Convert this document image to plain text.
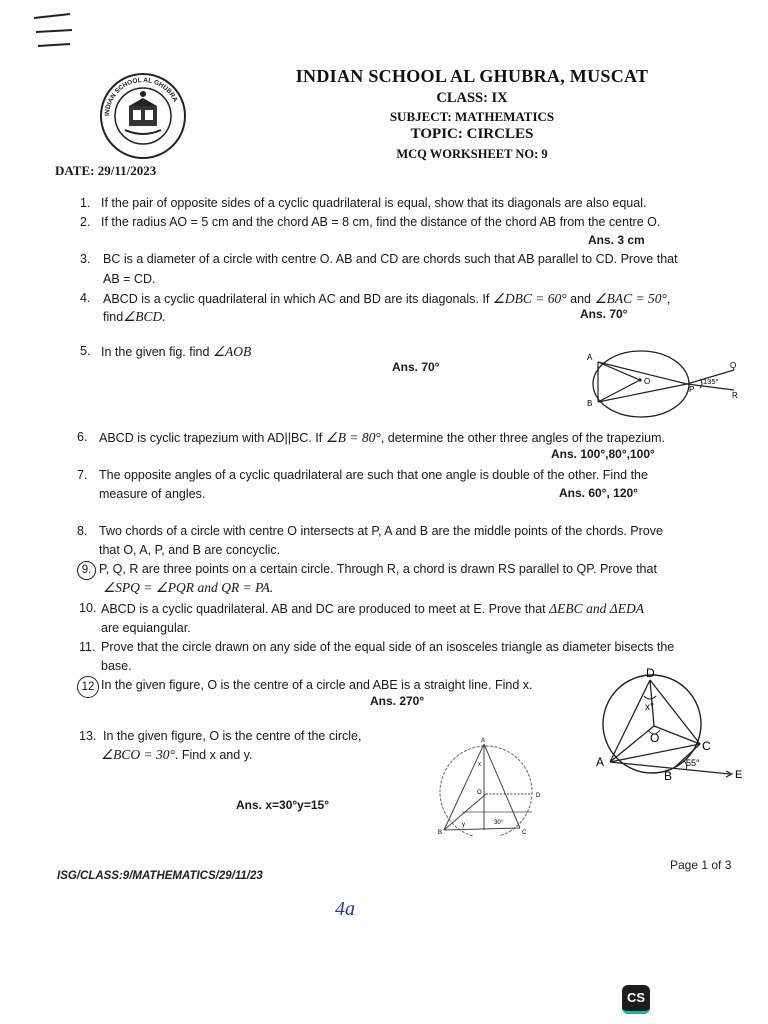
INDIAN SCHOOL AL GHUBRA
INDIAN SCHOOL AL GHUBRA, MUSCAT
CLASS: IX
SUBJECT: MATHEMATICS
TOPIC: CIRCLES
MCQ WORKSHEET NO: 9
DATE: 29/11/2023
1. If the pair of opposite sides of a cyclic quadrilateral is equal, show that its diagonals are also equal.
2. If the radius AO = 5 cm and the chord AB = 8 cm, find the distance of the chord AB from the centre O.
Ans. 3 cm
3. BC is a diameter of a circle with centre O. AB and CD are chords such that AB parallel to CD. Prove that
AB = CD.
4. ABCD is a cyclic quadrilateral in which AC and BD are its diagonals. If ∠DBC = 60° and ∠BAC = 50°,
find∠BCD.	Ans. 70°
5. In the given fig. find ∠AOB
Ans. 70°
A
B
O
P
Q
R
135°
6. ABCD is cyclic trapezium with AD||BC. If ∠B = 80°, determine the other three angles of the trapezium.
Ans. 100°,80°,100°
7. The opposite angles of a cyclic quadrilateral are such that one angle is double of the other. Find the
measure of angles.	Ans. 60°, 120°
8. Two chords of a circle with centre O intersects at P, A and B are the middle points of the chords. Prove
that O, A, P, and B are concyclic.
9. P, Q, R are three points on a certain circle. Through R, a chord is drawn RS parallel to QP. Prove that
∠SPQ = ∠PQR and QR = PA.
10. ABCD is a cyclic quadrilateral. AB and DC are produced to meet at E. Prove that ΔEBC and ΔEDA
are equiangular.
11. Prove that the circle drawn on any side of the equal side of an isosceles triangle as diameter bisects the
base.
12 In the given figure, O is the centre of a circle and ABE is a straight line. Find x.
Ans. 270°
D
A
B
C
E
O
x°
55°
13. In the given figure, O is the centre of the circle,
∠BCO = 30°. Find x and y.
Ans. x=30°y=15°
A
B	C
D
O
x
y	30°
Page 1 of 3
ISG/CLASS:9/MATHEMATICS/29/11/23
4a
CS
